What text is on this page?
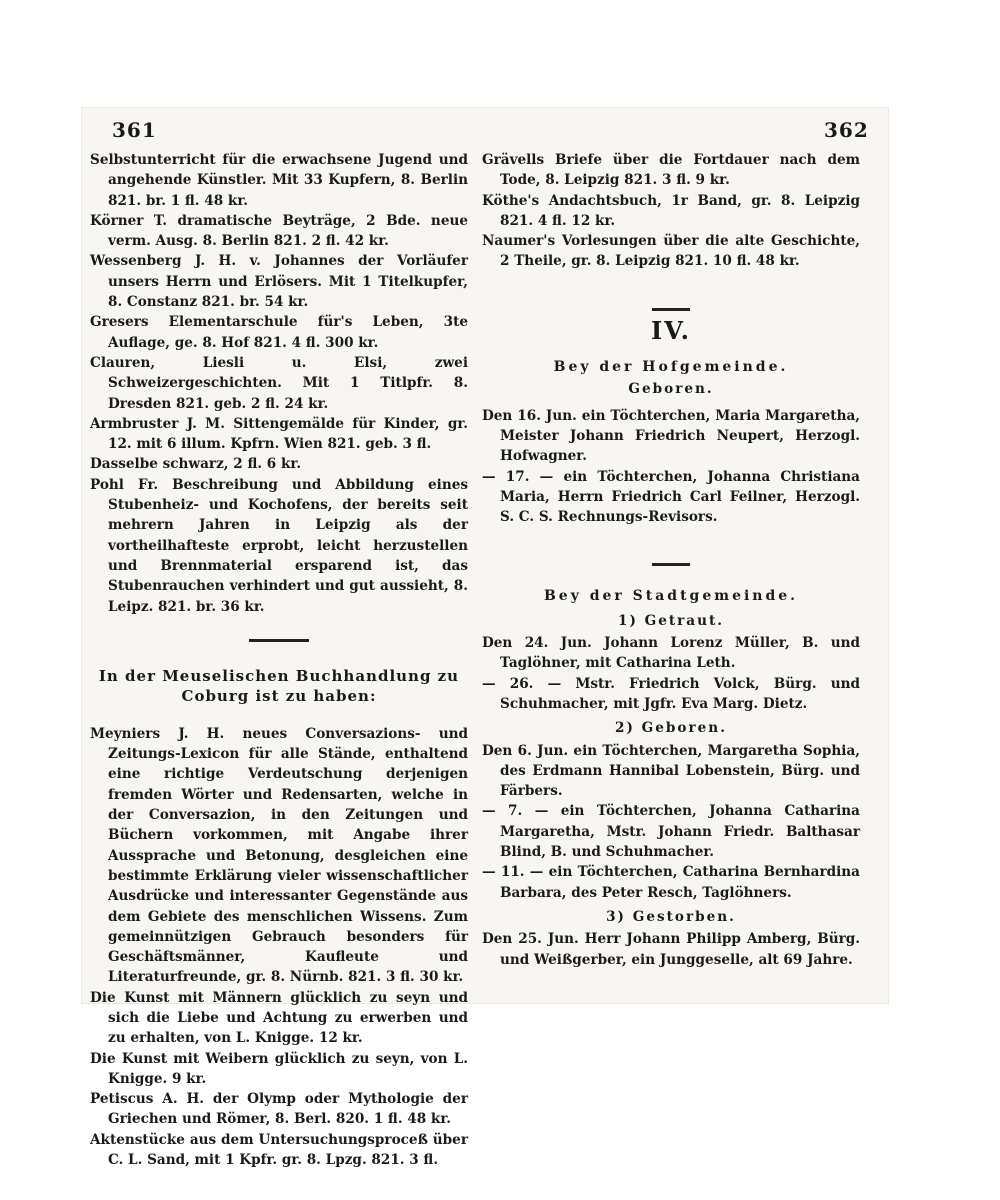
361	362
Selbstunterricht für die erwachsene Jugend und angehende Künstler. Mit 33 Kupfern, 8. Berlin 821. br. 1 fl. 48 kr.
Körner T. dramatische Beyträge, 2 Bde. neue verm. Ausg. 8. Berlin 821. 2 fl. 42 kr.
Wessenberg J. H. v. Johannes der Vorläufer unsers Herrn und Erlösers. Mit 1 Titelkupfer, 8. Constanz 821. br. 54 kr.
Gresers Elementarschule für's Leben, 3te Auflage, ge. 8. Hof 821. 4 fl. 300 kr.
Clauren, Liesli u. Elsi, zwei Schweizergeschichten. Mit 1 Titlpfr. 8. Dresden 821. geb. 2 fl. 24 kr.
Armbruster J. M. Sittengemälde für Kinder, gr. 12. mit 6 illum. Kpfrn. Wien 821. geb. 3 fl.
Dasselbe schwarz, 2 fl. 6 kr.
Pohl Fr. Beschreibung und Abbildung eines Stubenheiz- und Kochofens, der bereits seit mehrern Jahren in Leipzig als der vortheilhafteste erprobt, leicht herzustellen und Brennmaterial ersparend ist, das Stubenrauchen verhindert und gut aussieht, 8. Leipz. 821. br. 36 kr.
In der Meuselischen Buchhandlung zu
Coburg ist zu haben:
Meyniers J. H. neues Conversazions- und Zeitungs-Lexicon für alle Stände, enthaltend eine richtige Verdeutschung derjenigen fremden Wörter und Redensarten, welche in der Conversazion, in den Zeitungen und Büchern vorkommen, mit Angabe ihrer Aussprache und Betonung, desgleichen eine bestimmte Erklärung vieler wissenschaftlicher Ausdrücke und interessanter Gegenstände aus dem Gebiete des menschlichen Wissens. Zum gemeinnützigen Gebrauch besonders für Geschäftsmänner, Kaufleute und Literaturfreunde, gr. 8. Nürnb. 821. 3 fl. 30 kr.
Die Kunst mit Männern glücklich zu seyn und sich die Liebe und Achtung zu erwerben und zu erhalten, von L. Knigge. 12 kr.
Die Kunst mit Weibern glücklich zu seyn, von L. Knigge. 9 kr.
Petiscus A. H. der Olymp oder Mythologie der Griechen und Römer, 8. Berl. 820. 1 fl. 48 kr.
Aktenstücke aus dem Untersuchungsproceß über C. L. Sand, mit 1 Kpfr. gr. 8. Lpzg. 821. 3 fl.
Grävells Briefe über die Fortdauer nach dem Tode, 8. Leipzig 821. 3 fl. 9 kr.
Köthe's Andachtsbuch, 1r Band, gr. 8. Leipzig 821. 4 fl. 12 kr.
Naumer's Vorlesungen über die alte Geschichte, 2 Theile, gr. 8. Leipzig 821. 10 fl. 48 kr.
IV.
Bey der Hofgemeinde.
Geboren.
Den 16. Jun. ein Töchterchen, Maria Margaretha, Meister Johann Friedrich Neupert, Herzogl. Hofwagner.
— 17. — ein Töchterchen, Johanna Christiana Maria, Herrn Friedrich Carl Feilner, Herzogl. S. C. S. Rechnungs-Revisors.
Bey der Stadtgemeinde.
1) Getraut.
Den 24. Jun. Johann Lorenz Müller, B. und Taglöhner, mit Catharina Leth.
— 26. — Mstr. Friedrich Volck, Bürg. und Schuhmacher, mit Jgfr. Eva Marg. Dietz.
2) Geboren.
Den 6. Jun. ein Töchterchen, Margaretha Sophia, des Erdmann Hannibal Lobenstein, Bürg. und Färbers.
— 7. — ein Töchterchen, Johanna Catharina Margaretha, Mstr. Johann Friedr. Balthasar Blind, B. und Schuhmacher.
— 11. — ein Töchterchen, Catharina Bernhardina Barbara, des Peter Resch, Taglöhners.
3) Gestorben.
Den 25. Jun. Herr Johann Philipp Amberg, Bürg. und Weißgerber, ein Junggeselle, alt 69 Jahre.
